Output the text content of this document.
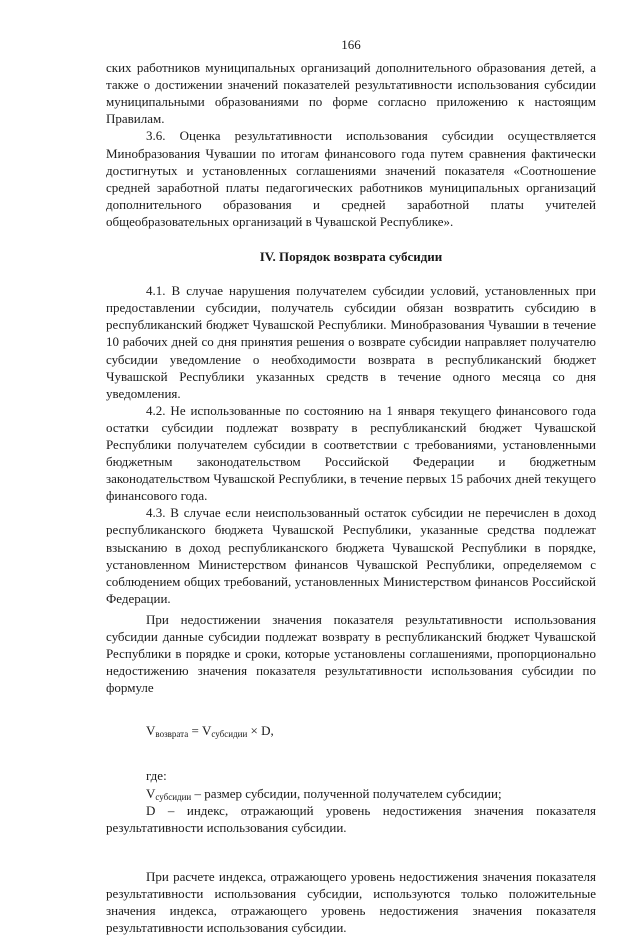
166

ских работников муниципальных организаций дополнительного образования детей, а также о достижении значений показателей результативности использования субсидии муниципальными образованиями по форме согласно приложению к настоящим Правилам.

3.6. Оценка результативности использования субсидии осуществляется Минобразования Чувашии по итогам финансового года путем сравнения фактически достигнутых и установленных соглашениями значений показателя «Соотношение средней заработной платы педагогических работников муниципальных организаций дополнительного образования и средней заработной платы учителей общеобразовательных организаций в Чувашской Республике».

IV. Порядок возврата субсидии

4.1. В случае нарушения получателем субсидии условий, установленных при предоставлении субсидии, получатель субсидии обязан возвратить субсидию в республиканский бюджет Чувашской Республики. Минобразования Чувашии в течение 10 рабочих дней со дня принятия решения о возврате субсидии направляет получателю субсидии уведомление о необходимости возврата в республиканский бюджет Чувашской Республики указанных средств в течение одного месяца со дня уведомления.

4.2. Не использованные по состоянию на 1 января текущего финансового года остатки субсидии подлежат возврату в республиканский бюджет Чувашской Республики получателем субсидии в соответствии с требованиями, установленными бюджетным законодательством Российской Федерации и бюджетным законодательством Чувашской Республики, в течение первых 15 рабочих дней текущего финансового года.

4.3. В случае если неиспользованный остаток субсидии не перечислен в доход республиканского бюджета Чувашской Республики, указанные средства подлежат взысканию в доход республиканского бюджета Чувашской Республики в порядке, установленном Министерством финансов Чувашской Республики, определяемом с соблюдением общих требований, установленных Министерством финансов Российской Федерации.

При недостижении значения показателя результативности использования субсидии данные субсидии подлежат возврату в республиканский бюджет Чувашской Республики в порядке и сроки, которые установлены соглашениями, пропорционально недостижению значения показателя результативности использования субсидии по формуле

$V_{возврата} = V_{субсидии} \times D$,

где:

$V_{субсидии}$ – размер субсидии, полученной получателем субсидии;

D – индекс, отражающий уровень недостижения значения показателя результативности использования субсидии.

При расчете индекса, отражающего уровень недостижения значения показателя результативности использования субсидии, используются только положительные значения индекса, отражающего уровень недостижения значения показателя результативности использования субсидии.
